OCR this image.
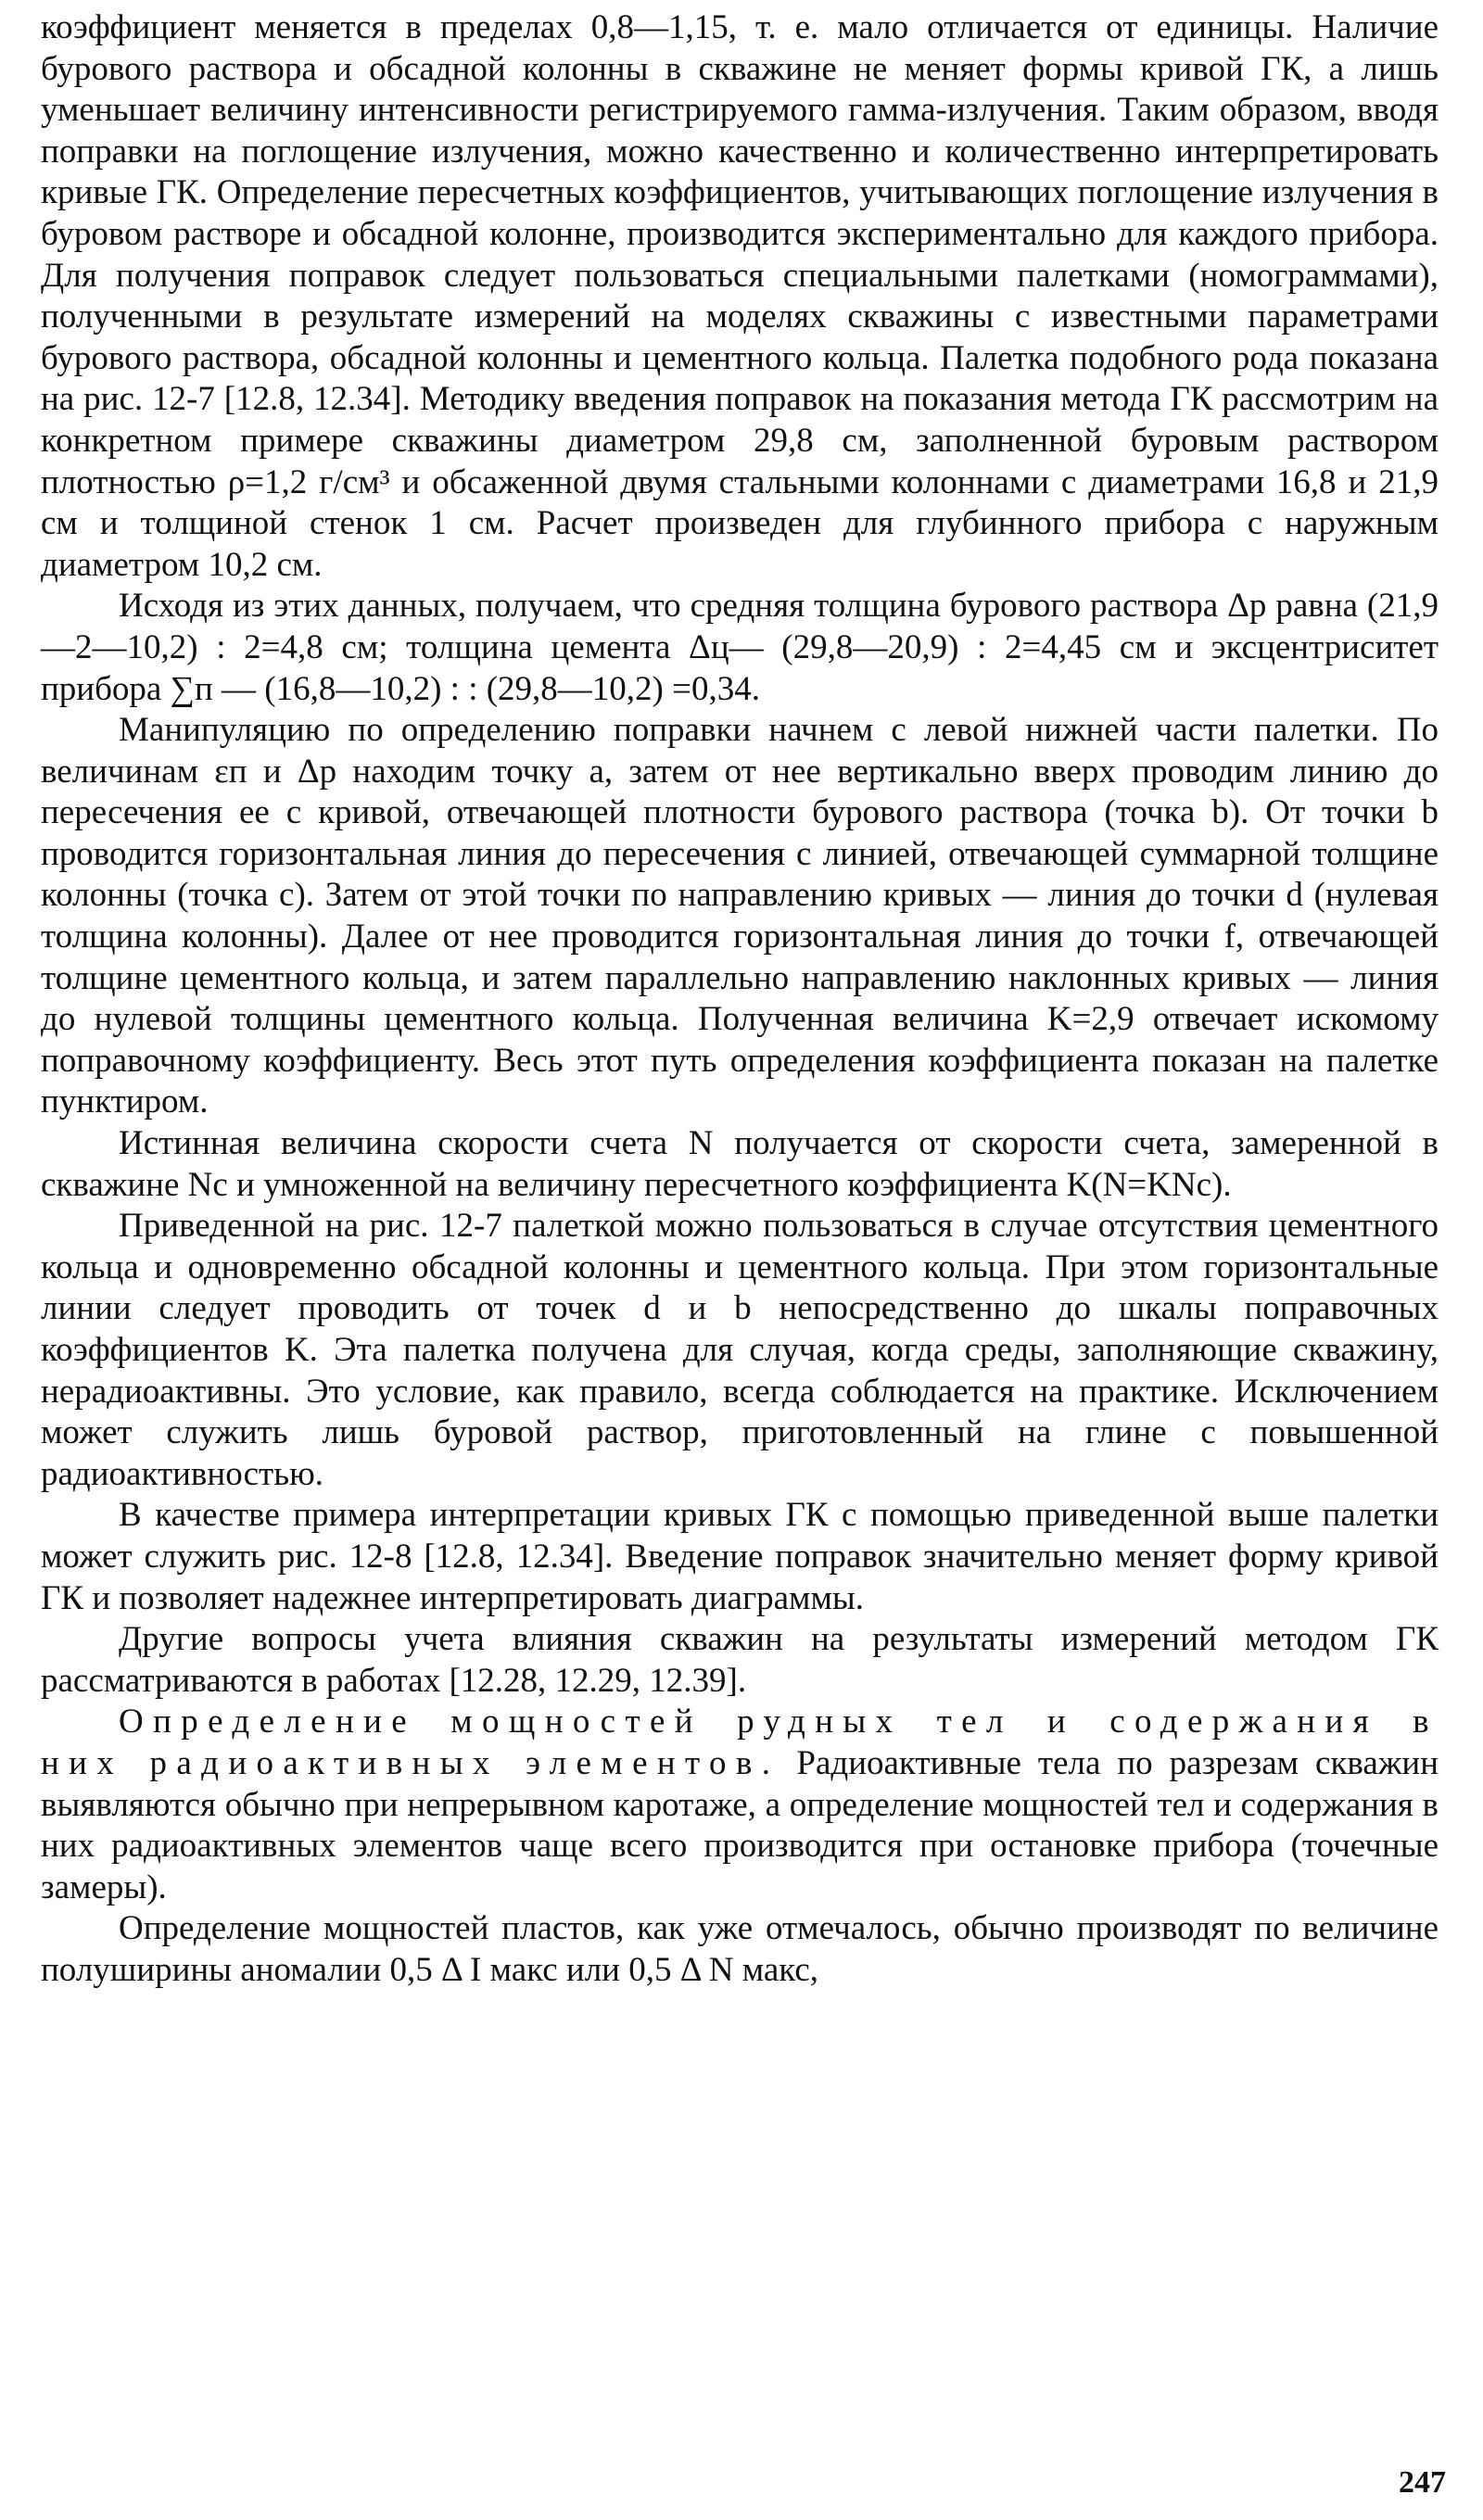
коэффициент меняется в пределах 0,8—1,15, т. е. мало отличается от единицы. Наличие бурового раствора и обсадной колонны в скважине не меняет формы кривой ГК, а лишь уменьшает величину интенсивности регистрируемого гамма-излучения. Таким образом, вводя поправки на поглощение излучения, можно качественно и количественно интерпретировать кривые ГК. Определение пересчетных коэффициентов, учитывающих поглощение излучения в буровом растворе и обсадной колонне, производится экспериментально для каждого прибора. Для получения поправок следует пользоваться специальными палетками (номограммами), полученными в результате измерений на моделях скважины с известными параметрами бурового раствора, обсадной колонны и цементного кольца. Палетка подобного рода показана на рис. 12-7 [12.8, 12.34]. Методику введения поправок на показания метода ГК рассмотрим на конкретном примере скважины диаметром 29,8 см, заполненной буровым раствором плотностью ρ=1,2 г/см³ и обсаженной двумя стальными колоннами с диаметрами 16,8 и 21,9 см и толщиной стенок 1 см. Расчет произведен для глубинного прибора с наружным диаметром 10,2 см.

Исходя из этих данных, получаем, что средняя толщина бурового раствора Δр равна (21,9—2—10,2) : 2=4,8 см; толщина цемента Δц— (29,8—20,9) : 2=4,45 см и эксцентриситет прибора ∑п — (16,8—10,2) : : (29,8—10,2) =0,34.

Манипуляцию по определению поправки начнем с левой нижней части палетки. По величинам εп и Δр находим точку a, затем от нее вертикально вверх проводим линию до пересечения ее с кривой, отвечающей плотности бурового раствора (точка b). От точки b проводится горизонтальная линия до пересечения с линией, отвечающей суммарной толщине колонны (точка c). Затем от этой точки по направлению кривых — линия до точки d (нулевая толщина колонны). Далее от нее проводится горизонтальная линия до точки f, отвечающей толщине цементного кольца, и затем параллельно направлению наклонных кривых — линия до нулевой толщины цементного кольца. Полученная величина K=2,9 отвечает искомому поправочному коэффициенту. Весь этот путь определения коэффициента показан на палетке пунктиром.

Истинная величина скорости счета N получается от скорости счета, замеренной в скважине Nс и умноженной на величину пересчетного коэффициента K(N=KNс).

Приведенной на рис. 12-7 палеткой можно пользоваться в случае отсутствия цементного кольца и одновременно обсадной колонны и цементного кольца. При этом горизонтальные линии следует проводить от точек d и b непосредственно до шкалы поправочных коэффициентов K. Эта палетка получена для случая, когда среды, заполняющие скважину, нерадиоактивны. Это условие, как правило, всегда соблюдается на практике. Исключением может служить лишь буровой раствор, приготовленный на глине с повышенной радиоактивностью.

В качестве примера интерпретации кривых ГК с помощью приведенной выше палетки может служить рис. 12-8 [12.8, 12.34]. Введение поправок значительно меняет форму кривой ГК и позволяет надежнее интерпретировать диаграммы.

Другие вопросы учета влияния скважин на результаты измерений методом ГК рассматриваются в работах [12.28, 12.29, 12.39].

Определение мощностей рудных тел и содержания в них радиоактивных элементов. Радиоактивные тела по разрезам скважин выявляются обычно при непрерывном каротаже, а определение мощностей тел и содержания в них радиоактивных элементов чаще всего производится при остановке прибора (точечные замеры).

Определение мощностей пластов, как уже отмечалось, обычно производят по величине полуширины аномалии 0,5 Δ I макс или 0,5 Δ N макс,

247
